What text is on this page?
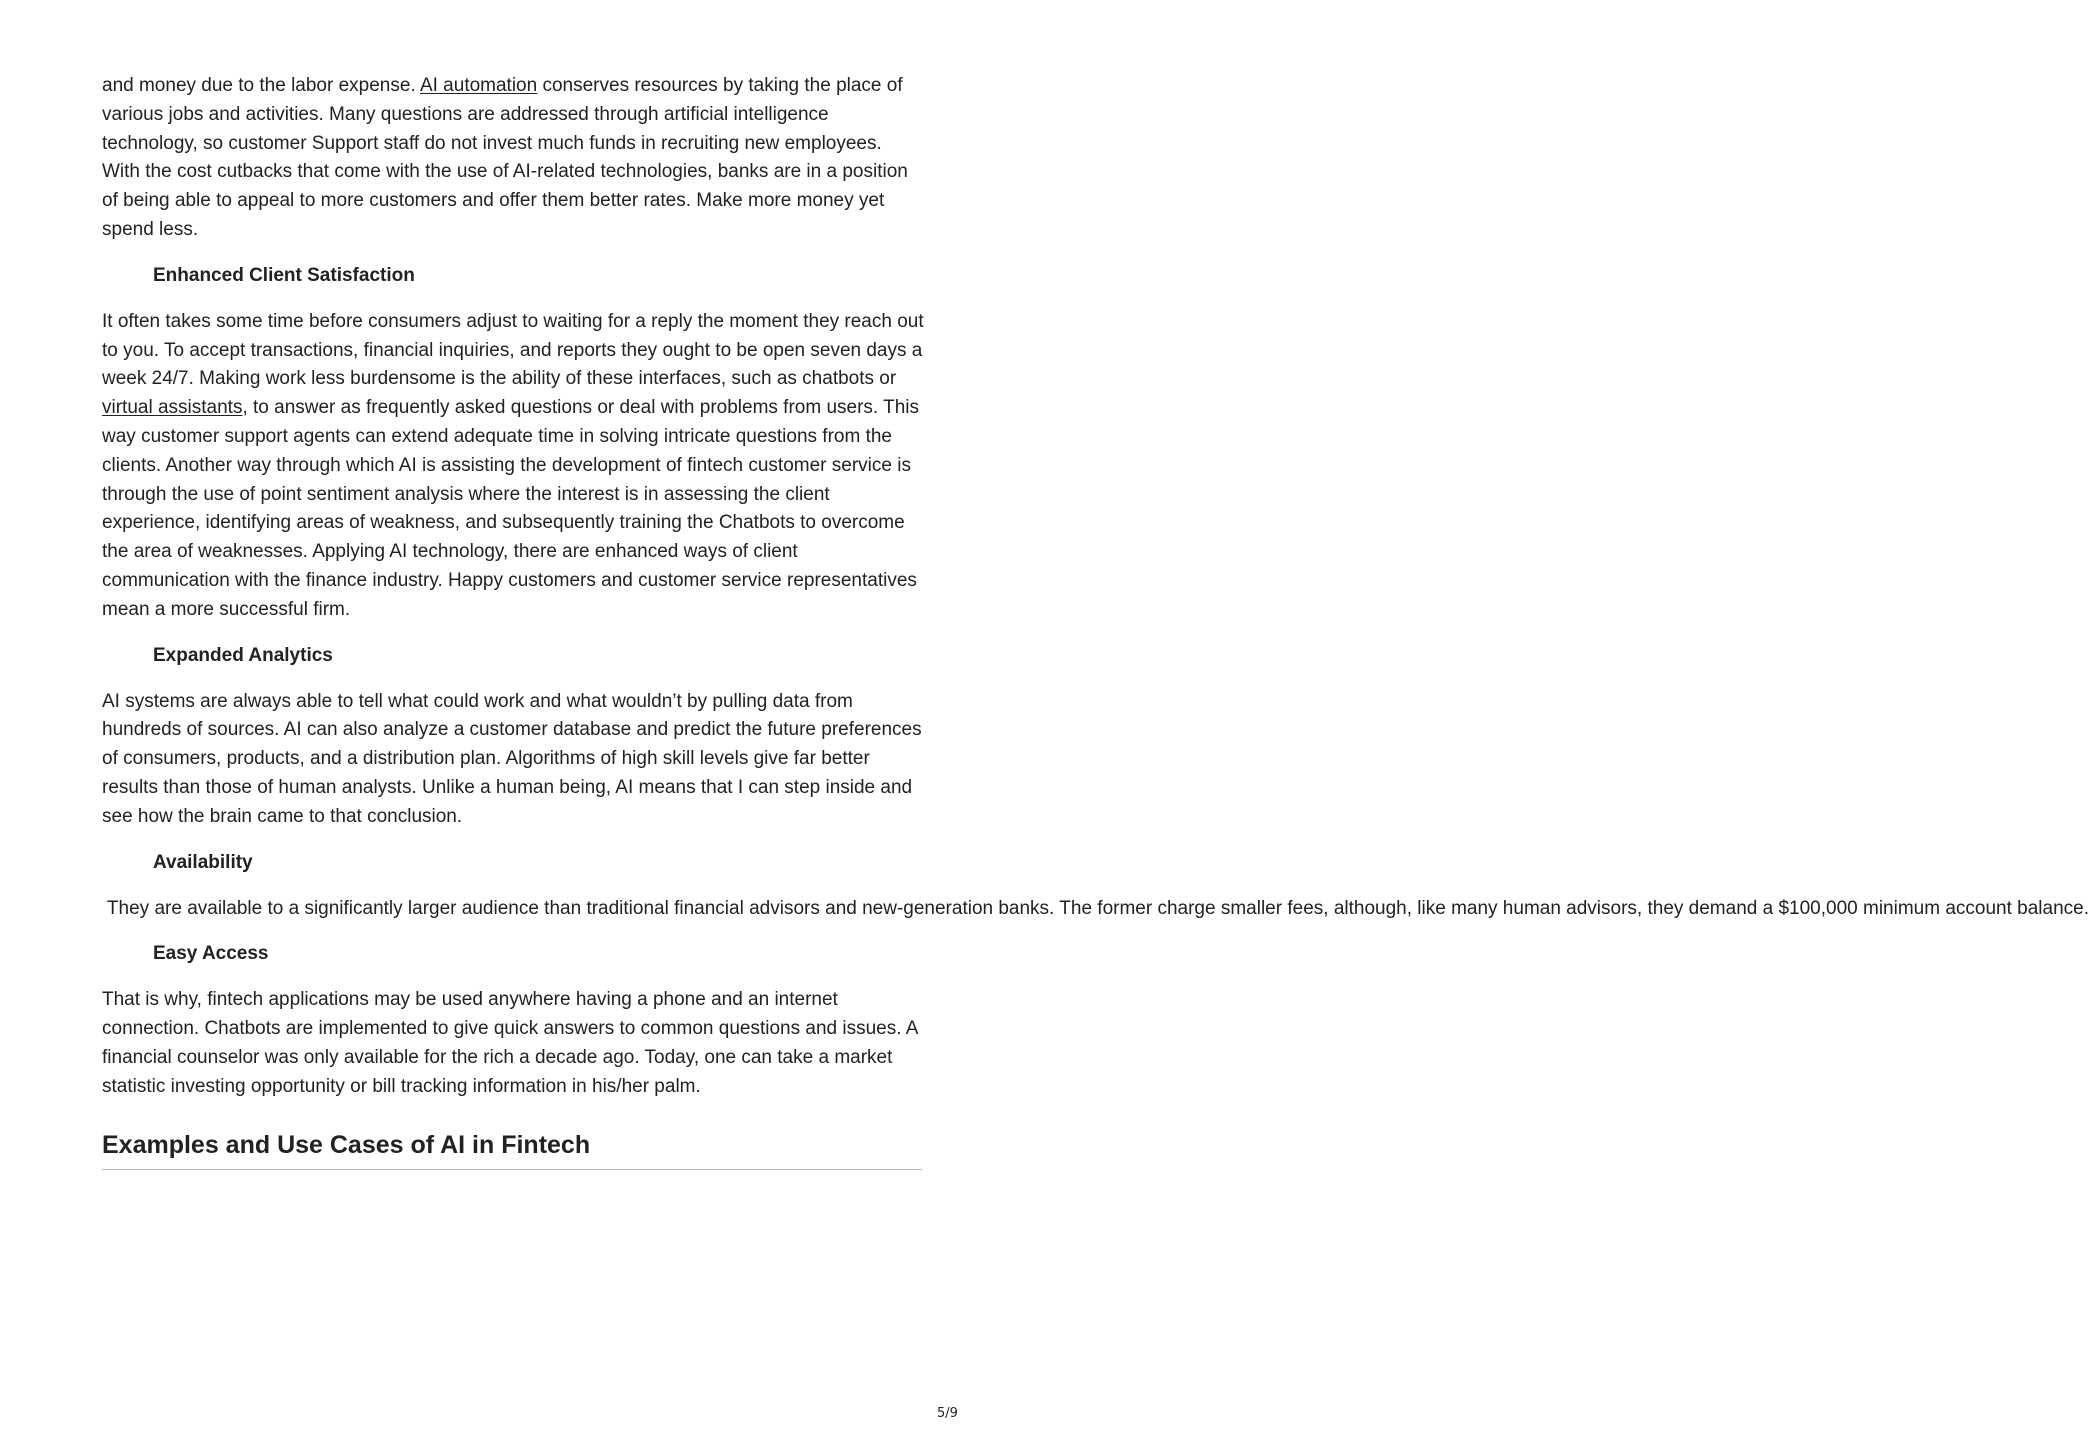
and money due to the labor expense. AI automation conserves resources by taking the place of various jobs and activities. Many questions are addressed through artificial intelligence technology, so customer Support staff do not invest much funds in recruiting new employees. With the cost cutbacks that come with the use of AI-related technologies, banks are in a position of being able to appeal to more customers and offer them better rates. Make more money yet spend less.

Enhanced Client Satisfaction

It often takes some time before consumers adjust to waiting for a reply the moment they reach out to you. To accept transactions, financial inquiries, and reports they ought to be open seven days a week 24/7. Making work less burdensome is the ability of these interfaces, such as chatbots or virtual assistants, to answer as frequently asked questions or deal with problems from users. This way customer support agents can extend adequate time in solving intricate questions from the clients. Another way through which AI is assisting the development of fintech customer service is through the use of point sentiment analysis where the interest is in assessing the client experience, identifying areas of weakness, and subsequently training the Chatbots to overcome the area of weaknesses. Applying AI technology, there are enhanced ways of client communication with the finance industry. Happy customers and customer service representatives mean a more successful firm.

Expanded Analytics

AI systems are always able to tell what could work and what wouldn’t by pulling data from hundreds of sources. AI can also analyze a customer database and predict the future preferences of consumers, products, and a distribution plan. Algorithms of high skill levels give far better results than those of human analysts. Unlike a human being, AI means that I can step inside and see how the brain came to that conclusion.

Availability

They are available to a significantly larger audience than traditional financial advisors and new-generation banks. The former charge smaller fees, although, like many human advisors, they demand a $100,000 minimum account balance.

Easy Access

That is why, fintech applications may be used anywhere having a phone and an internet connection. Chatbots are implemented to give quick answers to common questions and issues. A financial counselor was only available for the rich a decade ago. Today, one can take a market statistic investing opportunity or bill tracking information in his/her palm.

Examples and Use Cases of AI in Fintech
5/9
